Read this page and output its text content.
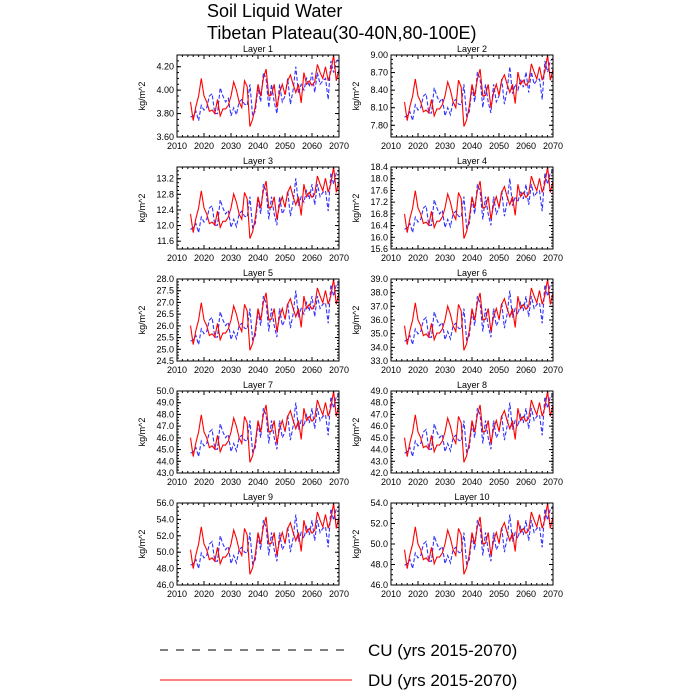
Soil Liquid Water
Tibetan Plateau(30-40N,80-100E)
Layer 1
2010 2020 2030 2040 2050 2060 2070
3.60
3.80
4.00
4.20
kg/m^2
Layer 2
2010 2020 2030 2040 2050 2060 2070
7.80
8.10
8.40
8.70
9.00
kg/m^2
Layer 3
2010 2020 2030 2040 2050 2060 2070
11.6
12.0
12.4
12.8
13.2
kg/m^2
Layer 4
2010 2020 2030 2040 2050 2060 2070
15.6
16.0
16.4
16.8
17.2
17.6
18.0
18.4
kg/m^2
Layer 5
2010 2020 2030 2040 2050 2060 2070
24.5
25.0
25.5
26.0
26.5
27.0
27.5
28.0
kg/m^2
Layer 6
2010 2020 2030 2040 2050 2060 2070
33.0
34.0
35.0
36.0
37.0
38.0
39.0
kg/m^2
Layer 7
2010 2020 2030 2040 2050 2060 2070
43.0
44.0
45.0
46.0
47.0
48.0
49.0
50.0
kg/m^2
Layer 8
2010 2020 2030 2040 2050 2060 2070
42.0
43.0
44.0
45.0
46.0
47.0
48.0
49.0
kg/m^2
Layer 9
2010 2020 2030 2040 2050 2060 2070
46.0
48.0
50.0
52.0
54.0
56.0
kg/m^2
Layer 10
2010 2020 2030 2040 2050 2060 2070
46.0
48.0
50.0
52.0
54.0
kg/m^2
CU (yrs 2015-2070)
DU (yrs 2015-2070)
